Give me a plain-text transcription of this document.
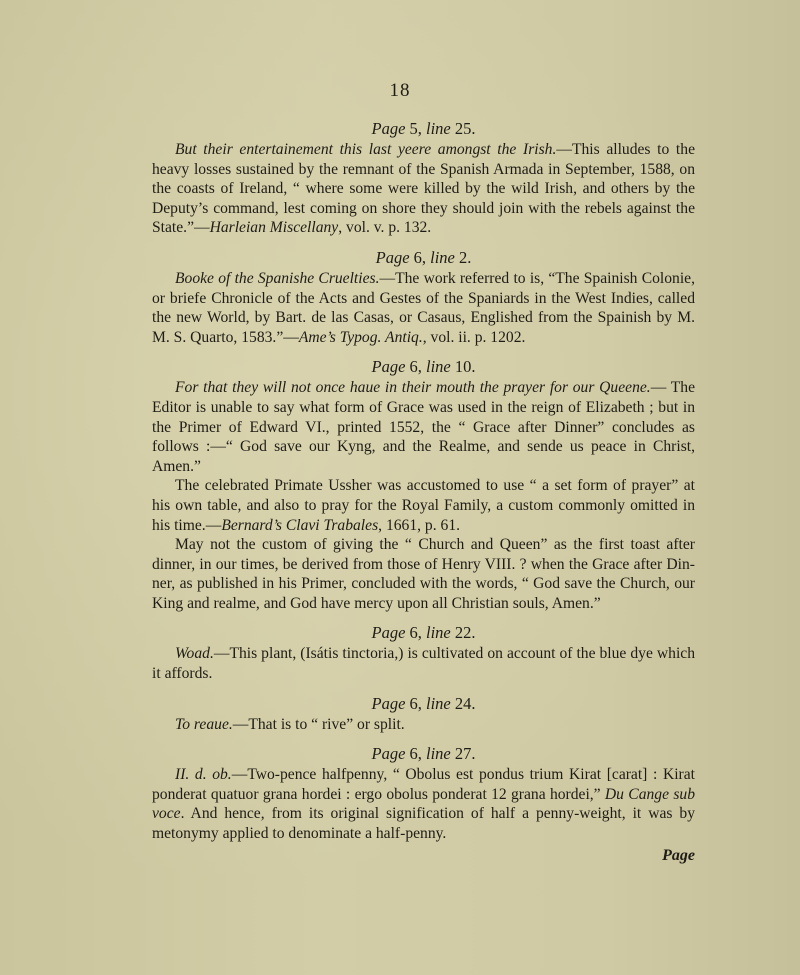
18
Page 5, line 25.

But their entertainement this last yeere amongst the Irish.—This alludes to the heavy losses sustained by the remnant of the Spanish Armada in September, 1588, on the coasts of Ireland, “ where some were killed by the wild Irish, and others by the Deputy’s command, lest coming on shore they should join with the rebels against the State.”—Harleian Miscellany, vol. v. p. 132.

Page 6, line 2.

Booke of the Spanishe Cruelties.—The work referred to is, “The Spainish Colonie, or briefe Chronicle of the Acts and Gestes of the Spaniards in the West Indies, called the new World, by Bart. de las Casas, or Casaus, Englished from the Spainish by M. M. S. Quarto, 1583.”—Ame’s Typog. Antiq., vol. ii. p. 1202.

Page 6, line 10.

For that they will not once haue in their mouth the prayer for our Queene.— The Editor is unable to say what form of Grace was used in the reign of Elizabeth ; but in the Primer of Edward VI., printed 1552, the “ Grace after Dinner” concludes as follows :—“ God save our Kyng, and the Realme, and sende us peace in Christ, Amen.”

The celebrated Primate Ussher was accustomed to use “ a set form of prayer” at his own table, and also to pray for the Royal Family, a custom commonly omitted in his time.—Bernard’s Clavi Trabales, 1661, p. 61.

May not the custom of giving the “ Church and Queen” as the first toast after dinner, in our times, be derived from those of Henry VIII. ? when the Grace after Dinner, as published in his Primer, concluded with the words, “ God save the Church, our King and realme, and God have mercy upon all Christian souls, Amen.”

Page 6, line 22.

Woad.—This plant, (Isátis tinctoria,) is cultivated on account of the blue dye which it affords.

Page 6, line 24.

To reaue.—That is to “ rive” or split.

Page 6, line 27.

II. d. ob.—Two-pence halfpenny, “ Obolus est pondus trium Kirat [carat] : Kirat ponderat quatuor grana hordei : ergo obolus ponderat 12 grana hordei,” Du Cange sub voce. And hence, from its original signification of half a penny-weight, it was by metonymy applied to denominate a half-penny.

Page
